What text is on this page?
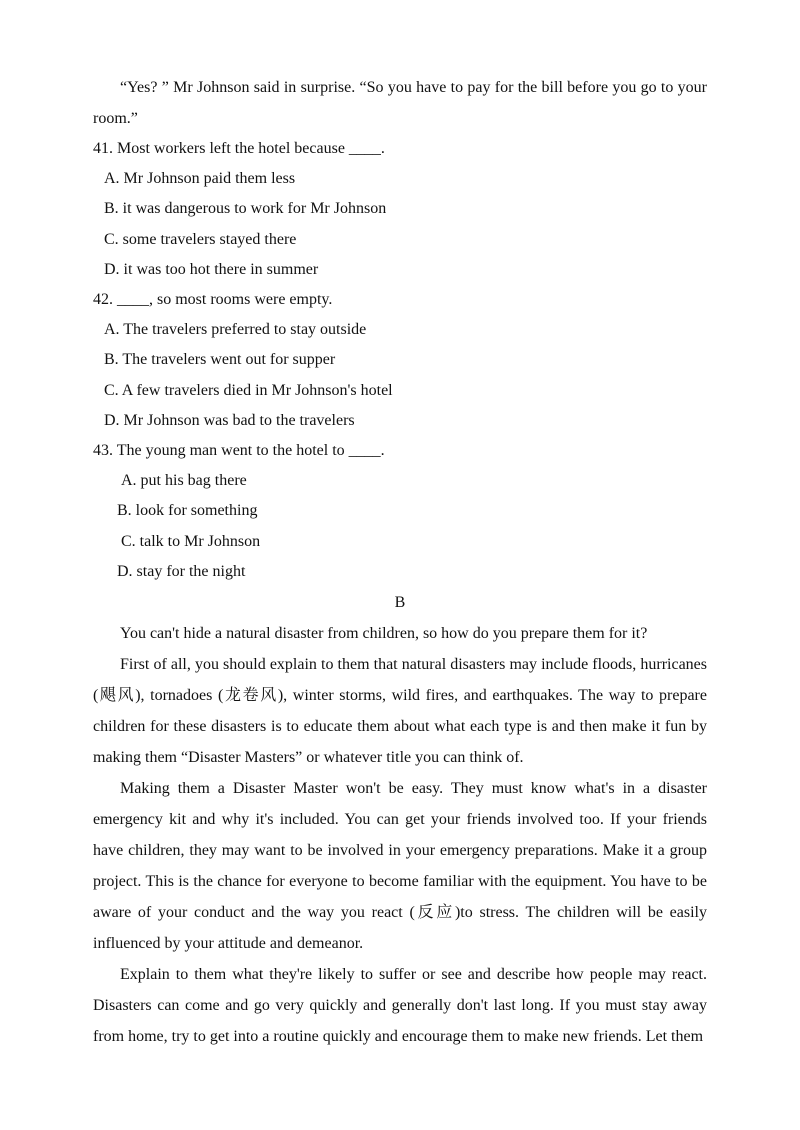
“Yes? ” Mr Johnson said in surprise. “So you have to pay for the bill before you go to your room.”

41. Most workers left the hotel because ____.

A. Mr Johnson paid them less

B. it was dangerous to work for Mr Johnson

C. some travelers stayed there

D. it was too hot there in summer

42. ____, so most rooms were empty.

A. The travelers preferred to stay outside

B. The travelers went out for supper

C. A few travelers died in Mr Johnson's hotel

D. Mr Johnson was bad to the travelers

43. The young man went to the hotel to ____.

A. put his bag there

B. look for something

C. talk to Mr Johnson

D. stay for the night

B

You can't hide a natural disaster from children, so how do you prepare them for it?

First of all, you should explain to them that natural disasters may include floods, hurricanes (飓风), tornadoes (龙卷风), winter storms, wild fires, and earthquakes. The way to prepare children for these disasters is to educate them about what each type is and then make it fun by making them “Disaster Masters” or whatever title you can think of.

Making them a Disaster Master won't be easy. They must know what's in a disaster emergency kit and why it's included. You can get your friends involved too. If your friends have children, they may want to be involved in your emergency preparations. Make it a group project. This is the chance for everyone to become familiar with the equipment. You have to be aware of your conduct and the way you react (反应)to stress. The children will be easily influenced by your attitude and demeanor.

Explain to them what they're likely to suffer or see and describe how people may react. Disasters can come and go very quickly and generally don't last long. If you must stay away from home, try to get into a routine quickly and encourage them to make new friends. Let them
